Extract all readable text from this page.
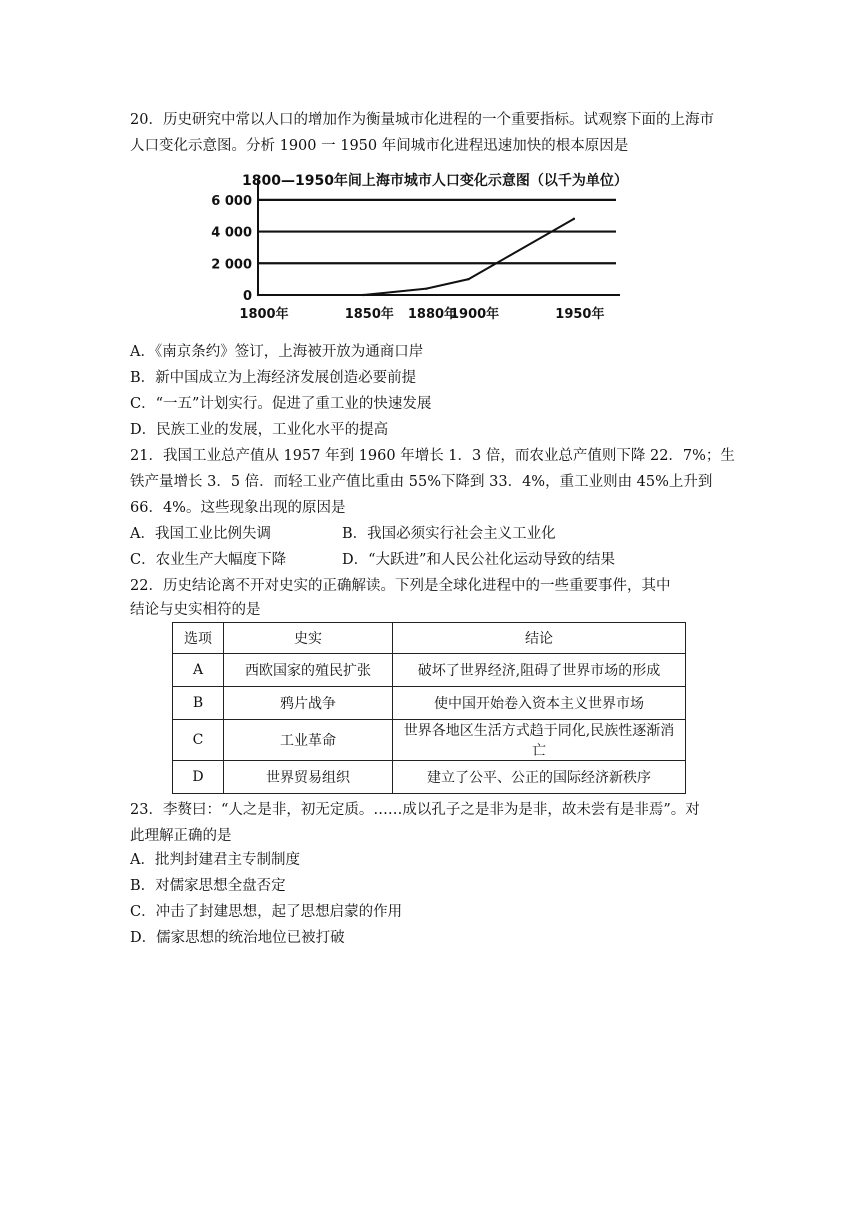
20．历史研究中常以人口的增加作为衡量城市化进程的一个重要指标。试观察下面的上海市
人口变化示意图。分析 1900 一 1950 年间城市化进程迅速加快的根本原因是
1800—1950年间上海市城市人口变化示意图（以千为单位）
6 000
4 000
2 000
0
1800年	1850年 1880年
1900年	1950年
A．《南京条约》签订，上海被开放为通商口岸
B．新中国成立为上海经济发展创造必要前提
C．“一五”计划实行。促进了重工业的快速发展
D．民族工业的发展，工业化水平的提高
21．我国工业总产值从 1957 年到 1960 年增长 1．3 倍，而农业总产值则下降 22．7%；生
铁产量增长 3．5 倍．而轻工业产值比重由 55%下降到 33．4%，重工业则由 45%上升到
66．4%。这些现象出现的原因是
A．我国工业比例失调	B．我国必须实行社会主义工业化
C．农业生产大幅度下降	D．“大跃进”和人民公社化运动导致的结果
22．历史结论离不开对史实的正确解读。下列是全球化进程中的一些重要事件，其中
结论与史实相符的是
选项	史实	结论
A	西欧国家的殖民扩张	破坏了世界经济,阻碍了世界市场的形成
B	鸦片战争	使中国开始卷入资本主义世界市场
C	工业革命	世界各地区生活方式趋于同化,民族性逐渐消亡
D	世界贸易组织	建立了公平、公正的国际经济新秩序
23．李赘曰：“人之是非，初无定质。……成以孔子之是非为是非，故未尝有是非焉”。对
此理解正确的是
A．批判封建君主专制制度
B．对儒家思想全盘否定
C．冲击了封建思想，起了思想启蒙的作用
D．儒家思想的统治地位已被打破
